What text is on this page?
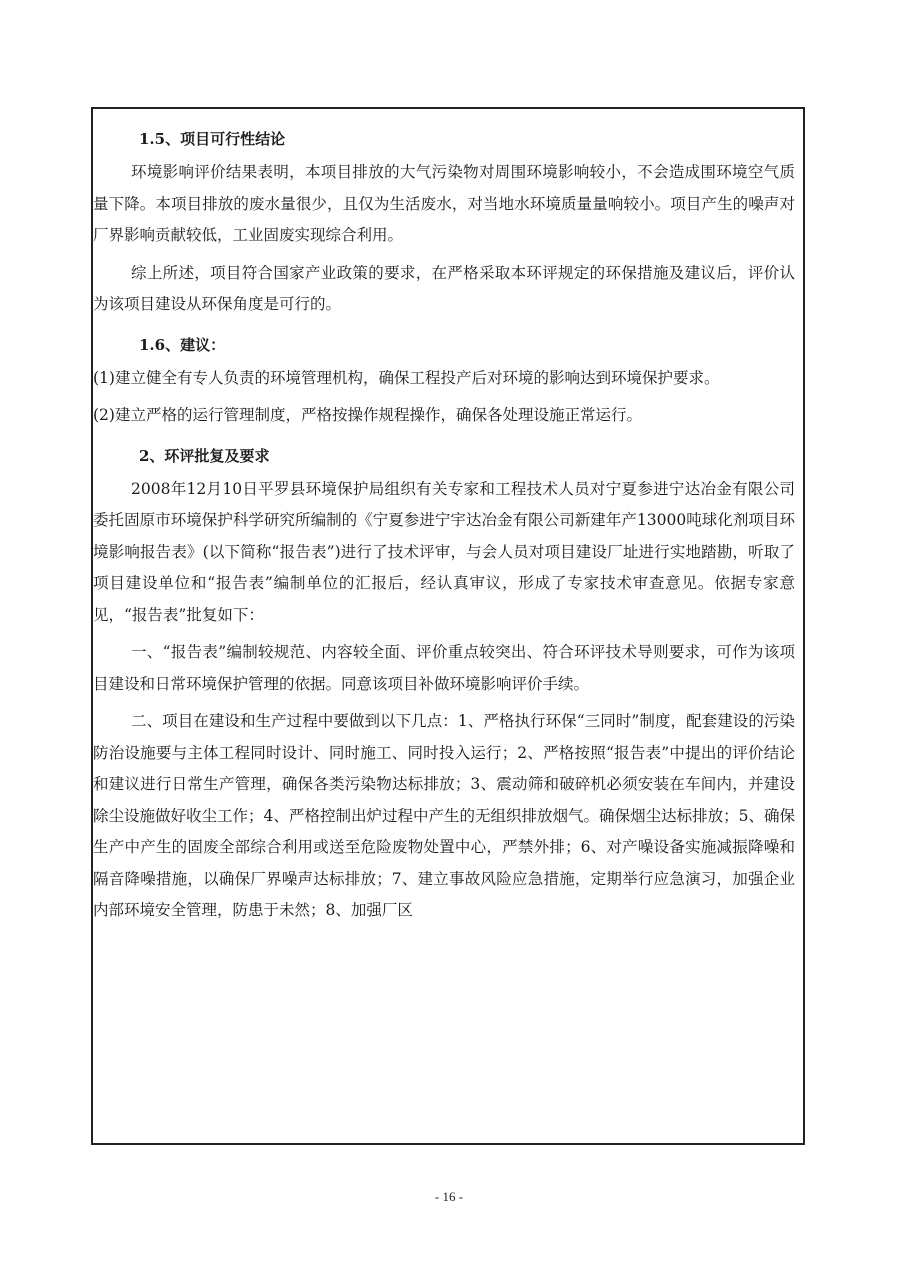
1.5、项目可行性结论

环境影响评价结果表明，本项目排放的大气污染物对周围环境影响较小，不会造成围环境空气质量下降。本项目排放的废水量很少，且仅为生活废水，对当地水环境质量量响较小。项目产生的噪声对厂界影响贡献较低，工业固废实现综合利用。

综上所述，项目符合国家产业政策的要求，在严格采取本环评规定的环保措施及建议后，评价认为该项目建设从环保角度是可行的。

1.6、建议：

(1)建立健全有专人负责的环境管理机构，确保工程投产后对环境的影响达到环境保护要求。

(2)建立严格的运行管理制度，严格按操作规程操作，确保各处理设施正常运行。

2、环评批复及要求

2008年12月10日平罗县环境保护局组织有关专家和工程技术人员对宁夏参进宁达冶金有限公司委托固原市环境保护科学研究所编制的《宁夏参进宁宇达冶金有限公司新建年产13000吨球化剂项目环境影响报告表》(以下简称“报告表”)进行了技术评审，与会人员对项目建设厂址进行实地踏勘，听取了项目建设单位和“报告表”编制单位的汇报后，经认真审议，形成了专家技术审查意见。依据专家意见，“报告表”批复如下：

一、“报告表”编制较规范、内容较全面、评价重点较突出、符合环评技术导则要求，可作为该项目建设和日常环境保护管理的依据。同意该项目补做环境影响评价手续。

二、项目在建设和生产过程中要做到以下几点：1、严格执行环保“三同时”制度，配套建设的污染防治设施要与主体工程同时设计、同时施工、同时投入运行；2、严格按照“报告表”中提出的评价结论和建议进行日常生产管理，确保各类污染物达标排放；3、震动筛和破碎机必须安装在车间内，并建设除尘设施做好收尘工作；4、严格控制出炉过程中产生的无组织排放烟气。确保烟尘达标排放；5、确保生产中产生的固废全部综合利用或送至危险废物处置中心，严禁外排；6、对产噪设备实施减振降噪和隔音降噪措施，以确保厂界噪声达标排放；7、建立事故风险应急措施，定期举行应急演习，加强企业内部环境安全管理，防患于未然；8、加强厂区

- 16 -
